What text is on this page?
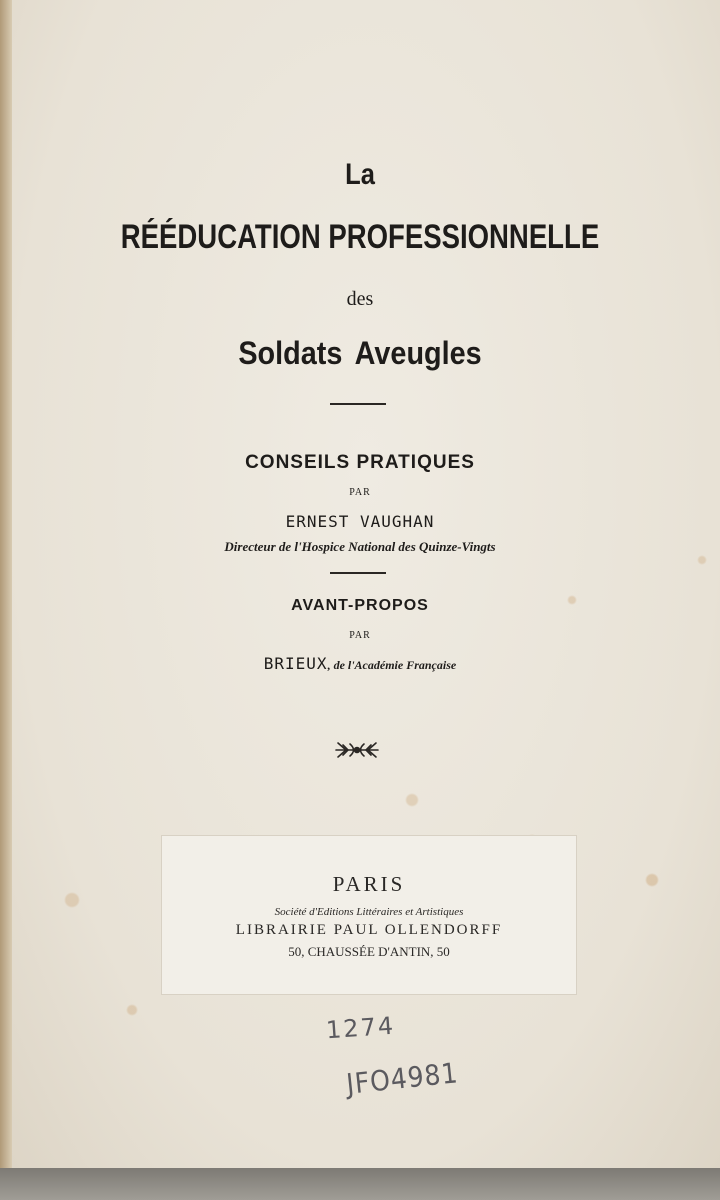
La
RÉÉDUCATION PROFESSIONNELLE
des
Soldats Aveugles
CONSEILS PRATIQUES
PAR
ERNEST VAUGHAN
Directeur de l'Hospice National des Quinze-Vingts
AVANT-PROPOS
PAR
BRIEUX, de l'Académie Française
PARIS
Société d'Editions Littéraires et Artistiques
LIBRAIRIE PAUL OLLENDORFF
50, CHAUSSÉE D'ANTIN, 50
1274
JFO4981
